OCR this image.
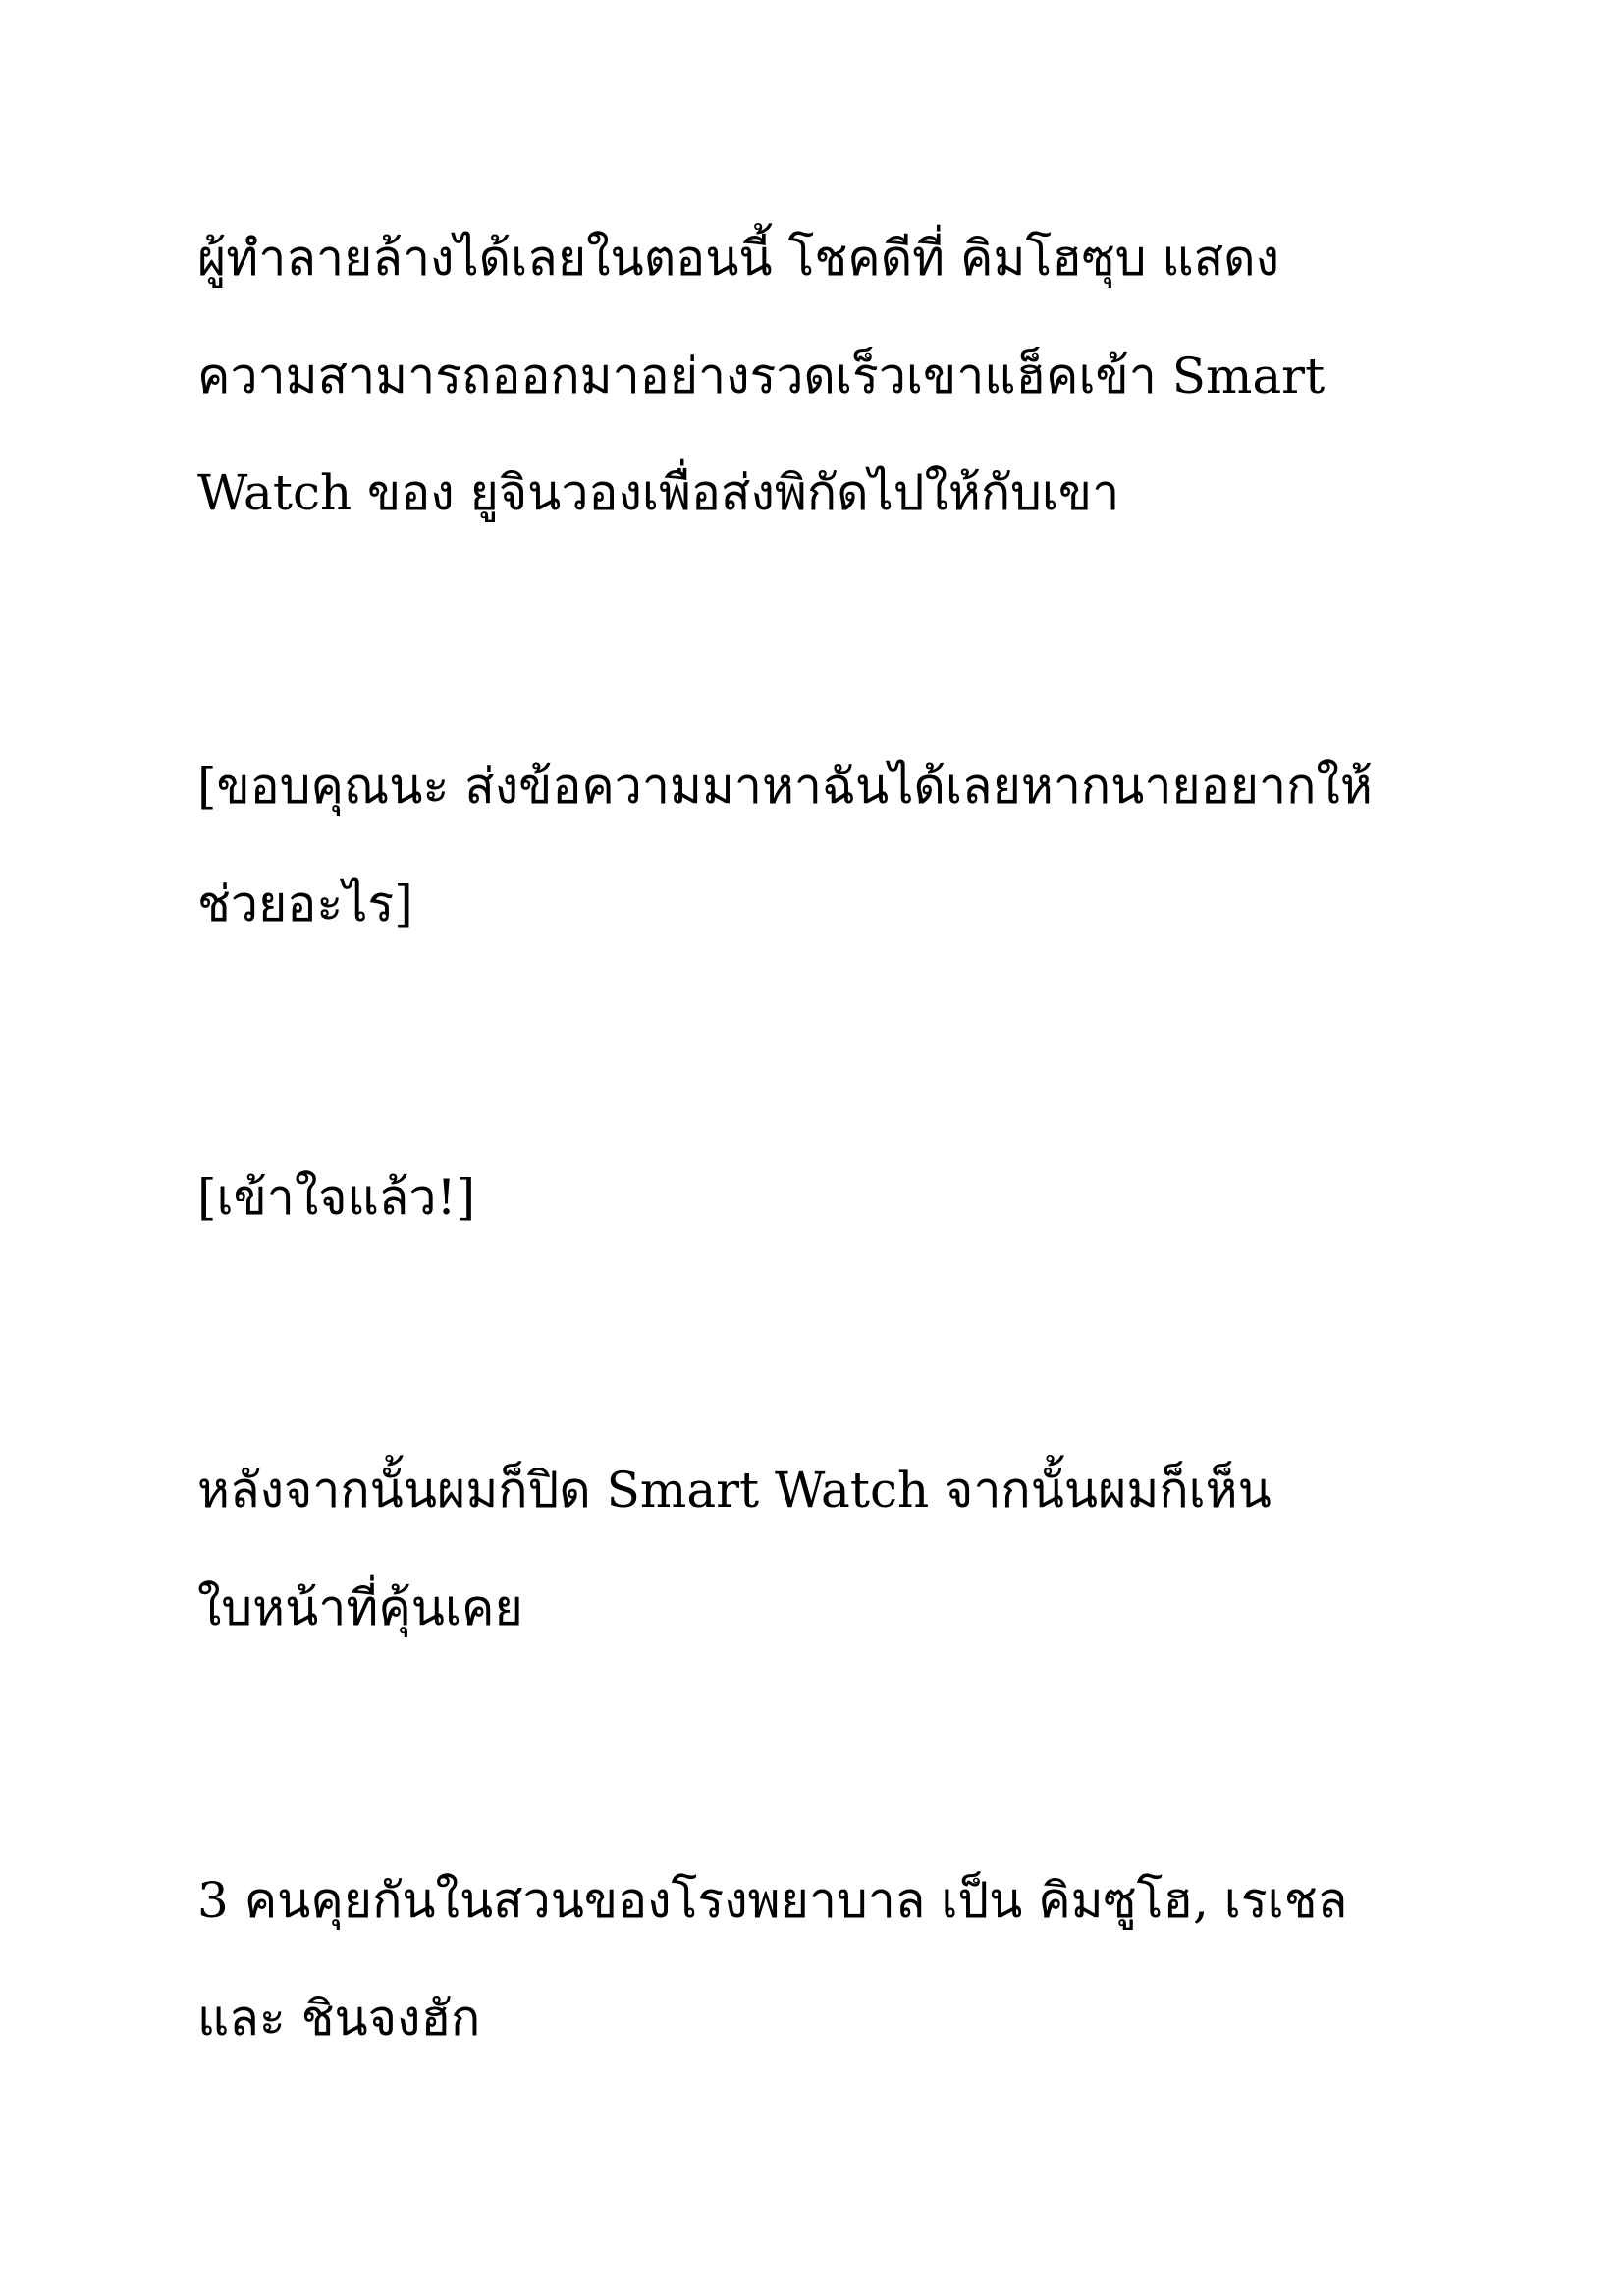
ผู้ทำลายล้างได้เลยในตอนนี้ โชคดีที่ คิมโฮซุบ แสดง

ความสามารถออกมาอย่างรวดเร็วเขาแฮ็คเข้า Smart

Watch ของ ยูจินวองเพื่อส่งพิกัดไปให้กับเขา

[ขอบคุณนะ ส่งข้อความมาหาฉันได้เลยหากนายอยากให้

ช่วยอะไร]

[เข้าใจแล้ว!]

หลังจากนั้นผมก็ปิด Smart Watch จากนั้นผมก็เห็น

ใบหน้าที่คุ้นเคย

3 คนคุยกันในสวนของโรงพยาบาล เป็น คิมซูโฮ, เรเชล

และ ชินจงฮัก
